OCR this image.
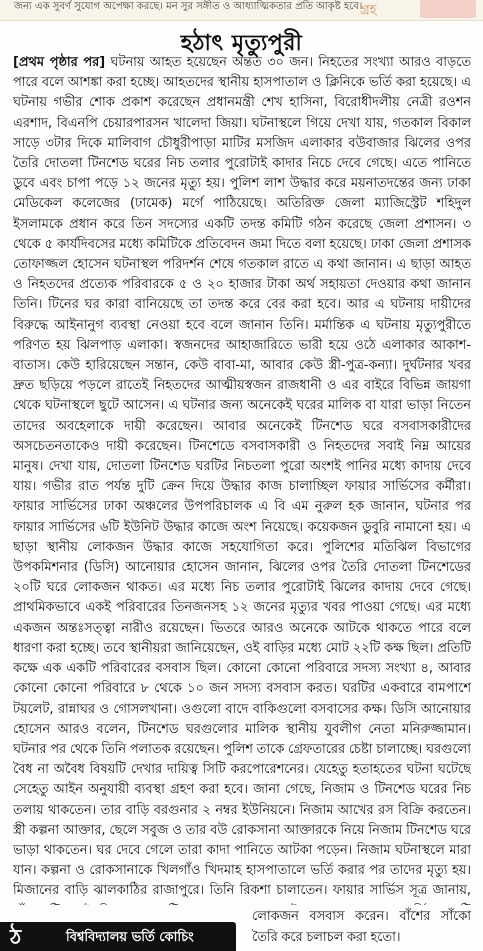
জন্য এক সুবর্ণ সুযোগ অপেক্ষা করছে। মন সুর সঙ্গীত ও আধ্যাত্মিকতার প্রতি আকৃষ্ট হবে।
গ্রহ
হঠাৎ মৃত্যুপুরী

[প্রথম পৃষ্ঠার পর] ঘটনায় আহত হয়েছেন অন্তত ৩০ জন। নিহতের সংখ্যা আরও বাড়তে পারে বলে আশঙ্কা করা হচ্ছে। আহতদের স্থানীয় হাসপাতাল ও ক্লিনিকে ভর্তি করা হয়েছে। এ ঘটনায় গভীর শোক প্রকাশ করেছেন প্রধানমন্ত্রী শেখ হাসিনা, বিরোধীদলীয় নেত্রী রওশন এরশাদ, বিএনপি চেয়ারপারসন খালেদা জিয়া। ঘটনাস্থলে গিয়ে দেখা যায়, গতকাল বিকাল সাড়ে ৩টার দিকে মালিবাগ চৌধুরীপাড়া মাটির মসজিদ এলাকার বউবাজার ঝিলের ওপর তৈরি দোতলা টিনশেড ঘরের নিচ তলার পুরোটাই কাদার নিচে দেবে গেছে। এতে পানিতে ডুবে এবং চাপা পড়ে ১২ জনের মৃত্যু হয়। পুলিশ লাশ উদ্ধার করে ময়নাতদন্তের জন্য ঢাকা মেডিকেল কলেজের (ঢামেক) মর্গে পাঠিয়েছে। অতিরিক্ত জেলা ম্যাজিস্ট্রেট শহিদুল ইসলামকে প্রধান করে তিন সদস্যের একটি তদন্ত কমিটি গঠন করেছে জেলা প্রশাসন। ৩ থেকে ৫ কার্যদিবসের মধ্যে কমিটিকে প্রতিবেদন জমা দিতে বলা হয়েছে। ঢাকা জেলা প্রশাসক তোফাজ্জল হোসেন ঘটনাস্থল পরিদর্শন শেষে গতকাল রাতে এ কথা জানান। এ ছাড়া আহত ও নিহতদের প্রত্যেক পরিবারকে ৫ ও ২০ হাজার টাকা অর্থ সহায়তা দেওয়ার কথা জানান তিনি। টিনের ঘর কারা বানিয়েছে তা তদন্ত করে বের করা হবে। আর এ ঘটনায় দায়ীদের বিরুদ্ধে আইনানুগ ব্যবস্থা নেওয়া হবে বলে জানান তিনি। মর্মান্তিক এ ঘটনায় মৃত্যুপুরীতে পরিণত হয় ঝিলপাড় এলাকা। স্বজনদের আহাজারিতে ভারী হয়ে ওঠে এলাকার আকাশ-বাতাস। কেউ হারিয়েছেন সন্তান, কেউ বাবা-মা, আবার কেউ স্ত্রী-পুত্র-কন্যা। দুর্ঘটনার খবর দ্রুত ছড়িয়ে পড়লে রাতেই নিহতদের আত্মীয়স্বজন রাজধানী ও এর বাইরে বিভিন্ন জায়গা থেকে ঘটনাস্থলে ছুটে আসেন। এ ঘটনার জন্য অনেকেই ঘরের মালিক বা যারা ভাড়া নিতেন তাদের অবহেলাকে দায়ী করেছেন। আবার অনেকেই টিনশেড ঘরে বসবাসকারীদের অসচেতনতাকেও দায়ী করেছেন। টিনশেডে বসবাসকারী ও নিহতদের সবাই নিম্ন আয়ের মানুষ। দেখা যায়, দোতলা টিনশেড ঘরটির নিচতলা পুরো অংশই পানির মধ্যে কাদায় দেবে যায়। গভীর রাত পর্যন্ত দুটি ক্রেন দিয়ে উদ্ধার কাজ চালাচ্ছিল ফায়ার সার্ভিসের কর্মীরা। ফায়ার সার্ভিসের ঢাকা অঞ্চলের উপপরিচালক এ বি এম নুরুল হক জানান, ঘটনার পর ফায়ার সার্ভিসের ৬টি ইউনিট উদ্ধার কাজে অংশ নিয়েছে। কয়েকজন ডুবুরি নামানো হয়। এ ছাড়া স্থানীয় লোকজন উদ্ধার কাজে সহযোগিতা করে। পুলিশের মতিঝিল বিভাগের উপকমিশনার (ডিসি) আনোয়ার হোসেন জানান, ঝিলের ওপর তৈরি দোতলা টিনশেডের ২০টি ঘরে লোকজন থাকত। এর মধ্যে নিচ তলার পুরোটাই ঝিলের কাদায় দেবে গেছে। প্রাথমিকভাবে একই পরিবারের তিনজনসহ ১২ জনের মৃত্যুর খবর পাওয়া গেছে। এর মধ্যে একজন অন্তঃসত্ত্বা নারীও রয়েছেন। ভিতরে আরও অনেকে আটকে থাকতে পারে বলে ধারণা করা হচ্ছে। তবে স্থানীয়রা জানিয়েছেন, ওই বাড়ির মধ্যে মোট ২২টি কক্ষ ছিল। প্রতিটি কক্ষে এক একটি পরিবারের বসবাস ছিল। কোনো কোনো পরিবারে সদস্য সংখ্যা ৪, আবার কোনো কোনো পরিবারে ৮ থেকে ১০ জন সদস্য বসবাস করত। ঘরটির একবারে বামপাশে টয়লেট, রান্নাঘর ও গোসলখানা। ওগুলো বাদে বাকিগুলো বসবাসের কক্ষ। ডিসি আনোয়ার হোসেন আরও বলেন, টিনশেড ঘরগুলোর মালিক স্থানীয় যুবলীগ নেতা মনিরুজ্জামান। ঘটনার পর থেকে তিনি পলাতক রয়েছেন। পুলিশ তাকে গ্রেফতারের চেষ্টা চালাচ্ছে। ঘরগুলো বৈধ না অবৈধ বিষয়টি দেখার দায়িত্ব সিটি করপোরেশনের। যেহেতু হতাহতের ঘটনা ঘটেছে সেহেতু আইন অনুযায়ী ব্যবস্থা গ্রহণ করা হবে। জানা গেছে, নিজাম ও টিনশেড ঘরের নিচ তলায় থাকতেন। তার বাড়ি বরগুনার ২ নম্বর ইউনিয়নে। নিজাম আখের রস বিক্রি করতেন। স্ত্রী কল্পনা আক্তার, ছেলে সবুজ ও তার বউ রোকসানা আক্তারকে নিয়ে নিজাম টিনশেড ঘরে ভাড়া থাকতেন। ঘর দেবে গেলে তারা কাদা পানিতে আটকা পড়েন। নিজাম ঘটনাস্থলে মারা যান। কল্পনা ও রোকসানাকে খিলগাঁও খিদমাহ হাসপাতালে ভর্তি করার পর তাদের মৃত্যু হয়। মিজানের বাড়ি ঝালকাঠির রাজাপুরে। তিনি রিকশা চালাতেন। ফায়ার সার্ভিস সূত্র জানায়,

লোকজন বসবাস করেন। বাঁশের সাঁকো তৈরি করে চলাচল করা হতো।

ঠ	বিশ্ববিদ্যালয় ভর্তি কোচিং
